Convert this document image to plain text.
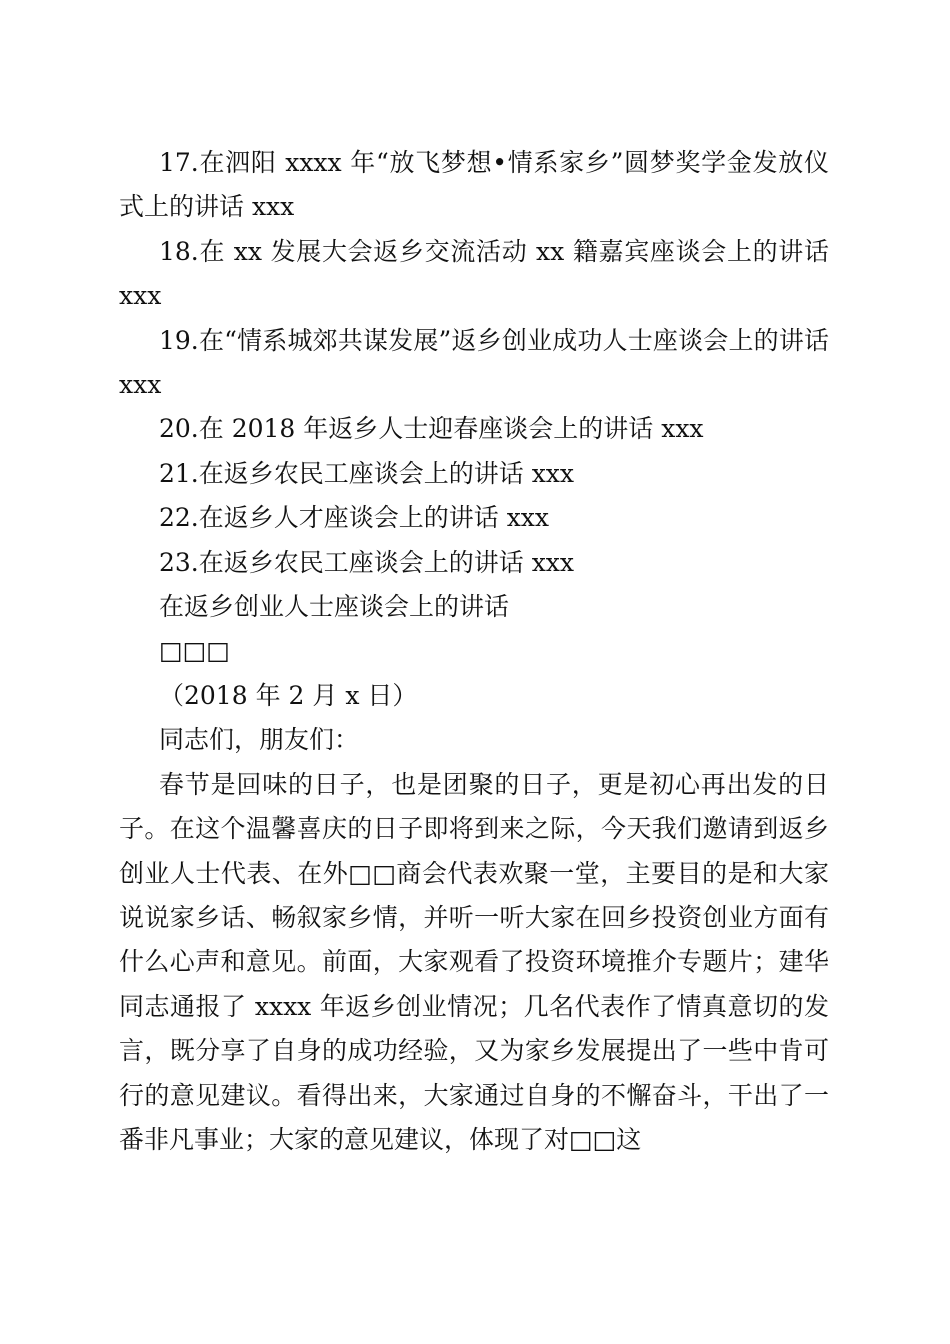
17.在泗阳 xxxx 年“放飞梦想•情系家乡”圆梦奖学金发放仪式上的讲话 xxx

18.在 xx 发展大会返乡交流活动 xx 籍嘉宾座谈会上的讲话 xxx

19.在“情系城郊共谋发展”返乡创业成功人士座谈会上的讲话 xxx

20.在 2018 年返乡人士迎春座谈会上的讲话 xxx

21.在返乡农民工座谈会上的讲话 xxx

22.在返乡人才座谈会上的讲话 xxx

23.在返乡农民工座谈会上的讲话 xxx

在返乡创业人士座谈会上的讲话

□□□

（2018 年 2 月 x 日）

同志们，朋友们：

春节是回味的日子，也是团聚的日子，更是初心再出发的日子。在这个温馨喜庆的日子即将到来之际，今天我们邀请到返乡创业人士代表、在外□□商会代表欢聚一堂，主要目的是和大家说说家乡话、畅叙家乡情，并听一听大家在回乡投资创业方面有什么心声和意见。前面，大家观看了投资环境推介专题片；建华同志通报了 xxxx 年返乡创业情况；几名代表作了情真意切的发言，既分享了自身的成功经验，又为家乡发展提出了一些中肯可行的意见建议。看得出来，大家通过自身的不懈奋斗，干出了一番非凡事业；大家的意见建议，体现了对□□这
